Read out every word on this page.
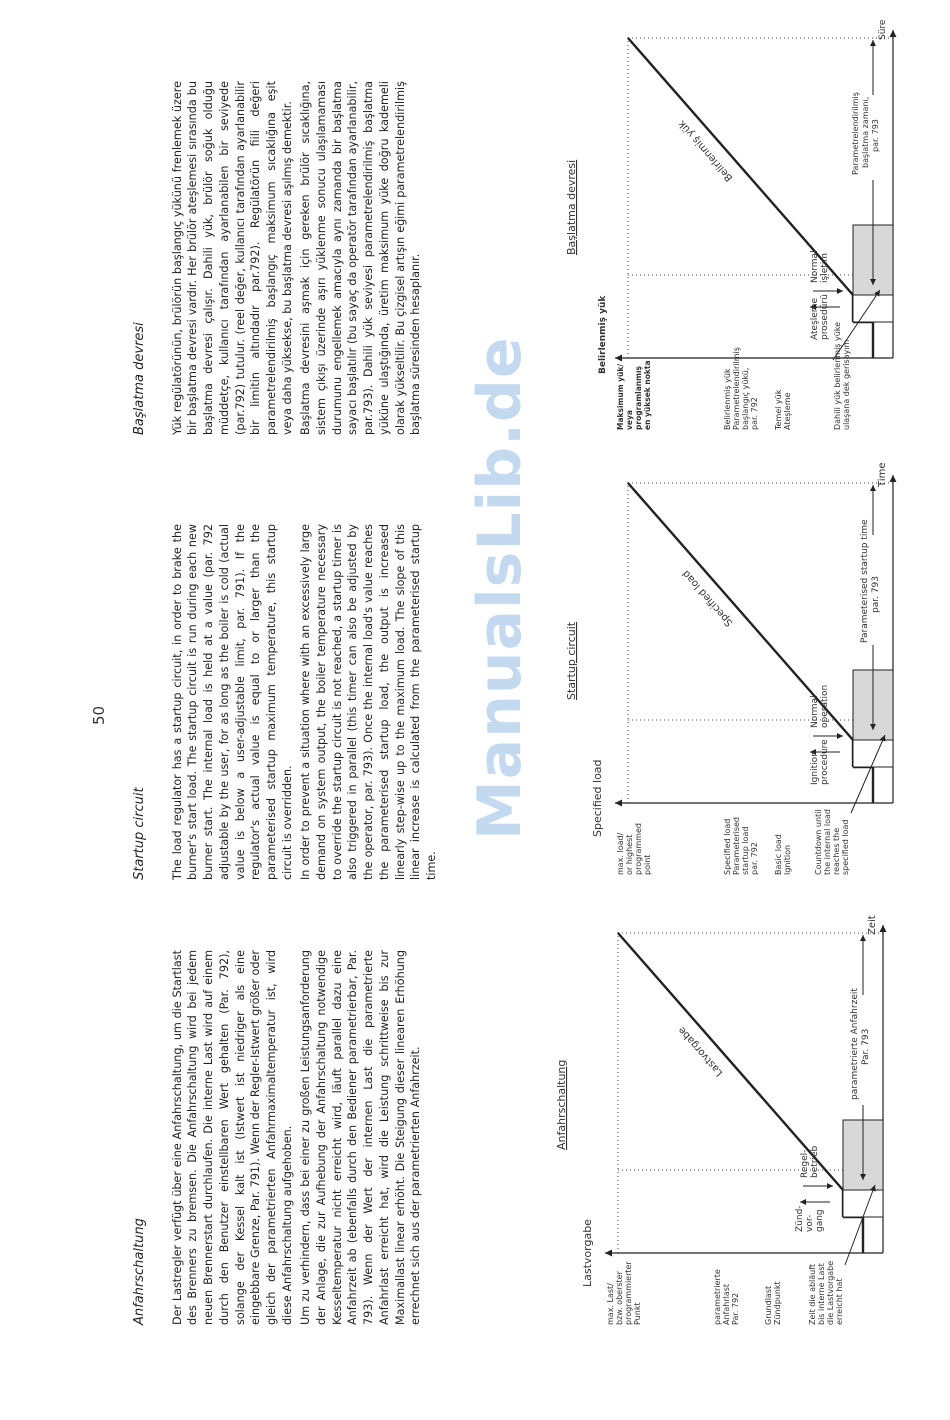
50
Anfahrschaltung Der Lastregler verfügt über eine Anfahrschaltung, um die Startlast des Brenners zu bremsen. Die Anfahrschaltung wird bei jedem neuen Brennerstart durchlaufen. Die interne Last wird auf einem durch den Benutzer einstellbaren Wert gehalten (Par. 792), solange der Kessel kalt ist (Istwert ist niedriger als eine eingebbare Grenze, Par. 791). Wenn der Regler-Istwert größer oder gleich der parametrierten Anfahrmaximaltemperatur ist, wird diese Anfahrschaltung aufgehoben. Um zu verhindern, dass bei einer zu großen Leistungsanforderung der Anlage, die zur Aufhebung der Anfahrschaltung notwendige Kesseltemperatur nicht erreicht wird, läuft parallel dazu eine Anfahrzeit ab (ebenfalls durch den Bediener parametrierbar, Par. 793). Wenn der Wert der internen Last die parametrierte Anfahrlast erreicht hat, wird die Leistung schrittweise bis zur Maximallast linear erhöht. Die Steigung dieser linearen Erhöhung errechnet sich aus der parametrierten Anfahrzeit.

Startup circuit The load regulator has a startup circuit, in order to brake the burner's start load. The startup circuit is run during each new burner start. The internal load is held at a value (par. 792 adjustable by the user, for as long as the boiler is cold (actual value is below a user-adjustable limit, par. 791). If the regulator's actual value is equal to or larger than the parameterised startup maximum temperature, this startup circuit is overridden. In order to prevent a situation where with an excessively large demand on system output, the boiler temperature necessary to override the startup circuit is not reached, a startup timer is also triggered in parallel (this timer can also be adjusted by the operator, par. 793). Once the internal load's value reaches the parameterised startup load, the output is increased linearly step-wise up to the maximum load. The slope of this linear increase is calculated from the parameterised startup time.

Başlatma devresi Yük regülatörünün, brülörün başlangıç yükünü frenlemek üzere bir başlatma devresi vardır. Her brülör ateşlemesi sırasında bu başlatma devresi çalışır. Dahili yük, brülör soğuk olduğu müddetçe, kullanıcı tarafından ayarlanabilen bir seviyede (par.792) tutulur. (reel değer, kullanıcı tarafından ayarlanabilir bir limitin altındadır par.792). Regülatörün fiili değeri parametrelendirilmiş başlangıç maksimum sıcaklığına eşit veya daha yüksekse, bu başlatma devresi aşılmış demektir. Başlatma devresini aşmak için gereken brülör sıcaklığına, sistem çıkışı üzerinde aşırı yüklenme sonucu ulaşılamaması durumunu engellemek amacıyla aynı zamanda bir başlatma sayacı başlatılır (bu sayaç da operatör tarafından ayarlanabilir, par.793). Dahili yük seviyesi parametrelendirilmiş başlatma yüküne ulaştığında, üretim maksimum yüke doğru kademeli olarak yükseltilir. Bu çizgisel artışın eğimi parametrelendirilmiş başlatma süresinden hesaplanır. ManualsLib.de
Anfahrschaltung
Lastvorgabe
Zünd- vor- gang
Regel- betrieb
Lastvorgabe	parametrierte Anfahrzeit Par. 793
Zeit
max. Last/ bzw. oberster programmierter Punkt	parametrierte Anfahrlast Par. 792	Grundlast Zündpunkt	Zeit die abläuft bis interne Last die Lastvorgabe erreicht hat
Startup circuit
Specified load	Ignition procedure
Normal operation
Specified load	Parameterised startup time par. 793
Time
max. load/ or highest programmed point	Specified load Parameterised startup load par. 792 Basic load Ignition	Countdown until the internal load reaches the specified load
Başlatma devresi
Belirlenmiş yük	Ateşleme prosedürü
Normal işletim
Belirlenmiş yük	Parametrelendirilmiş başlatma zamanı, par. 793
Süre
Maksimum yük/ veya programlanmış en yüksek nokta	Belirlenmiş yük Parametrelendirilmiş başlangıç yükü, par. 792 Temel yük Ateşleme	Dahili yük belirlenmiş yüke ulaşana dek gerisayım
